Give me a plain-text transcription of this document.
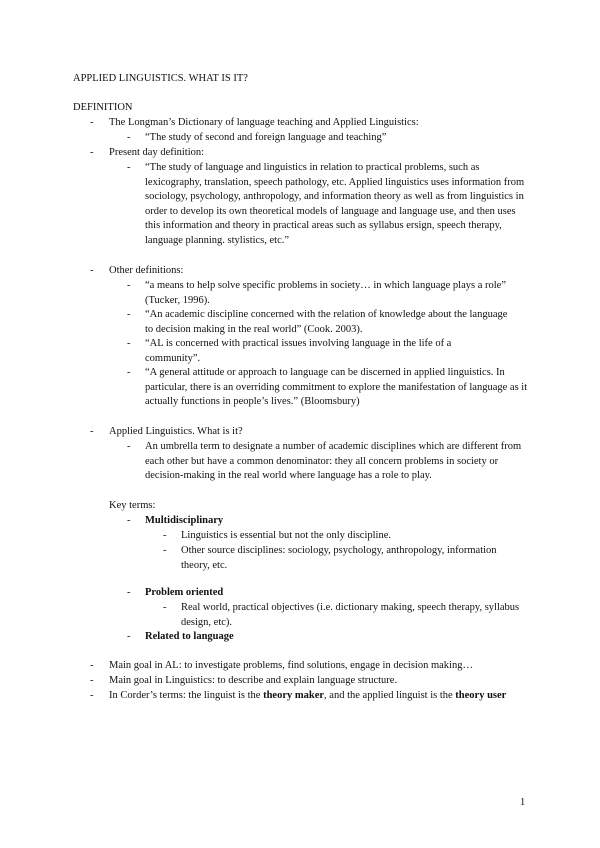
APPLIED LINGUISTICS. WHAT IS IT?
DEFINITION
- The Longman’s Dictionary of language teaching and Applied Linguistics:
- “The study of second and foreign language and teaching”
- Present day definition:
- “The study of language and linguistics in relation to practical problems, such as lexicography, translation, speech pathology, etc. Applied linguistics uses information from sociology, psychology, anthropology, and information theory as well as from linguistics in order to develop its own theoretical models of language and language use, and then uses this information and theory in practical areas such as syllabus ersign, speech therapy, language planning. stylistics, etc.”
- Other definitions:
- “a means to help solve specific problems in society… in which language plays a role” (Tucker, 1996).
- “An academic discipline concerned with the relation of knowledge about the language to decision making in the real world” (Cook. 2003).
- “AL is concerned with practical issues involving language in the life of a community”.
- “A general attitude or approach to language can be discerned in applied linguistics. In particular, there is an overriding commitment to explore the manifestation of language as it actually functions in people’s lives.” (Bloomsbury)
- Applied Linguistics. What is it?
- An umbrella term to designate a number of academic disciplines which are different from each other but have a common denominator: they all concern problems in society or decision-making in the real world where language has a role to play.
Key terms:
- Multidisciplinary
- Linguistics is essential but not the only discipline.
- Other source disciplines: sociology, psychology, anthropology, information theory, etc.
- Problem oriented
- Real world, practical objectives (i.e. dictionary making, speech therapy, syllabus design, etc).
- Related to language
- Main goal in AL: to investigate problems, find solutions, engage in decision making…
- Main goal in Linguistics: to describe and explain language structure.
- In Corder’s terms: the linguist is the theory maker, and the applied linguist is the theory user
1
